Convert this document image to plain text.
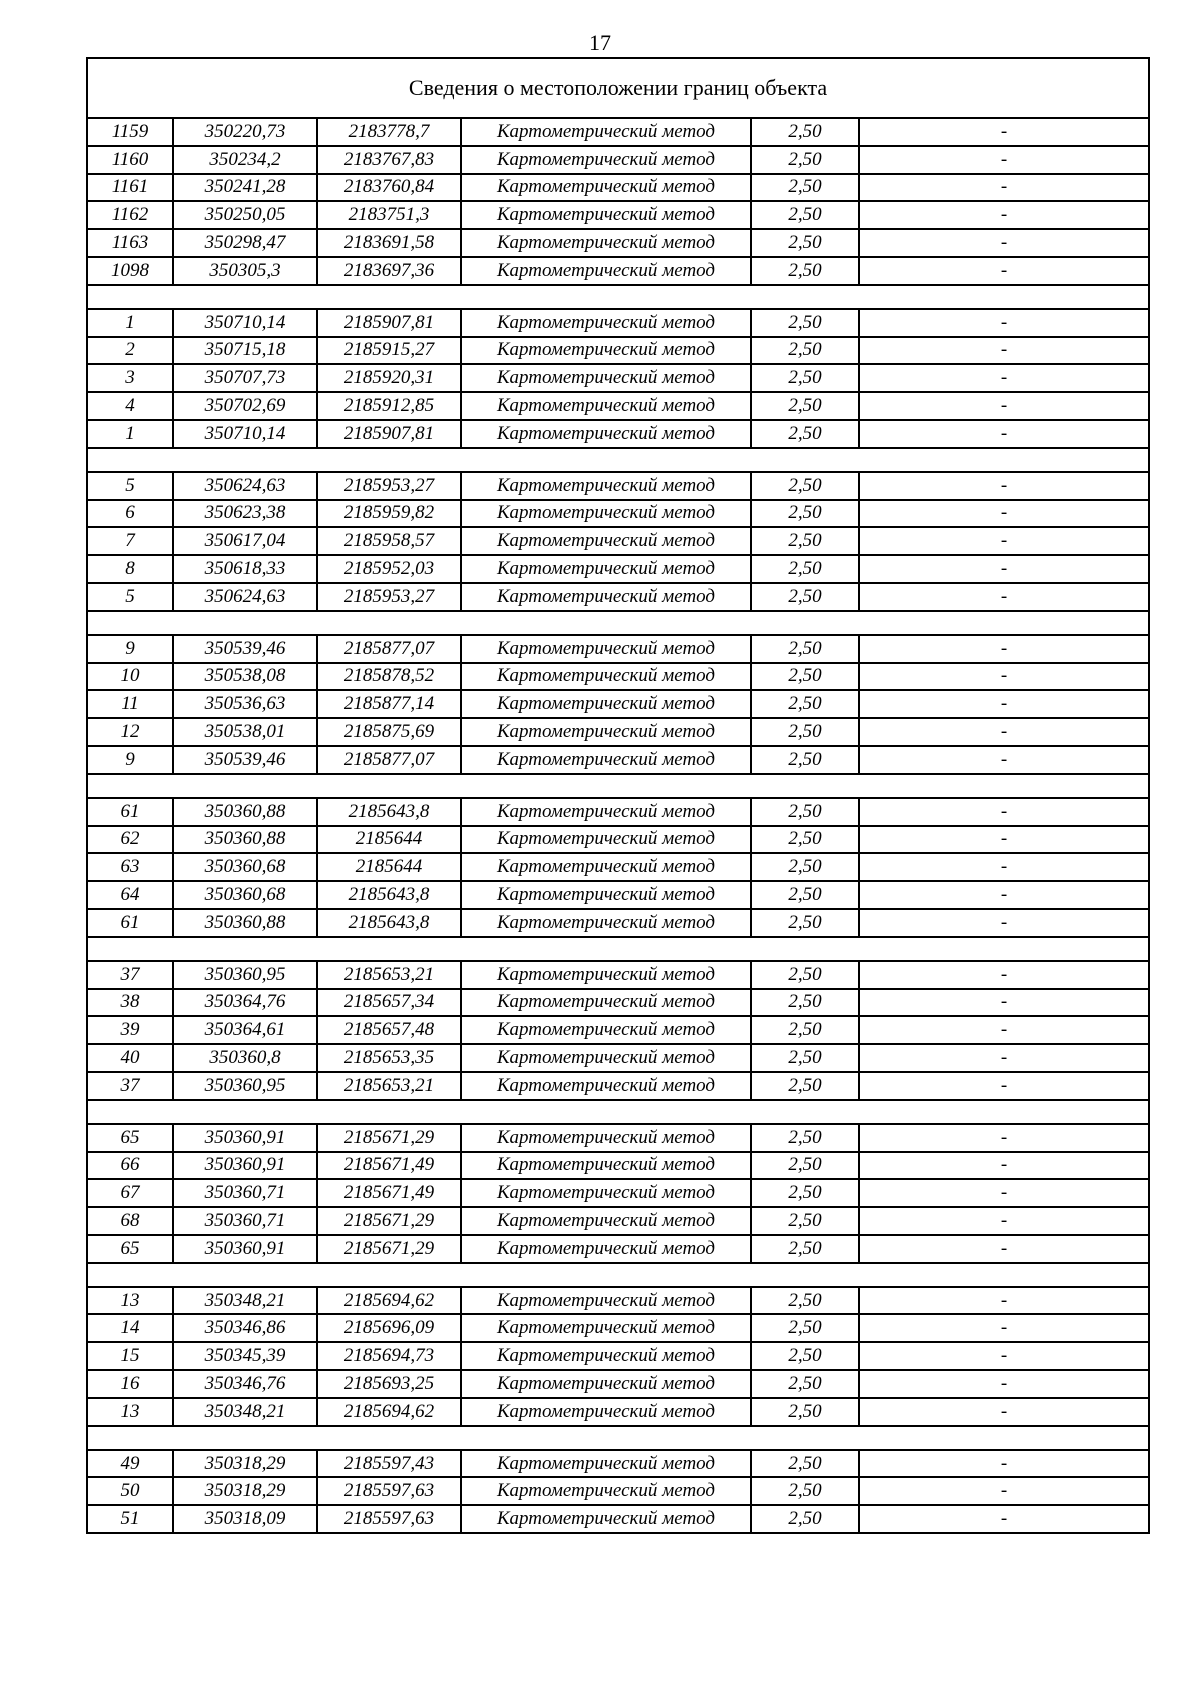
17
Сведения о местоположении границ объекта					
1159	350220,73	2183778,7	Картометрический метод	2,50	-
1160	350234,2	2183767,83	Картометрический метод	2,50	-
1161	350241,28	2183760,84	Картометрический метод	2,50	-
1162	350250,05	2183751,3	Картометрический метод	2,50	-
1163	350298,47	2183691,58	Картометрический метод	2,50	-
1098	350305,3	2183697,36	Картометрический метод	2,50	-

1	350710,14	2185907,81	Картометрический метод	2,50	-
2	350715,18	2185915,27	Картометрический метод	2,50	-
3	350707,73	2185920,31	Картометрический метод	2,50	-
4	350702,69	2185912,85	Картометрический метод	2,50	-
1	350710,14	2185907,81	Картометрический метод	2,50	-

5	350624,63	2185953,27	Картометрический метод	2,50	-
6	350623,38	2185959,82	Картометрический метод	2,50	-
7	350617,04	2185958,57	Картометрический метод	2,50	-
8	350618,33	2185952,03	Картометрический метод	2,50	-
5	350624,63	2185953,27	Картометрический метод	2,50	-

9	350539,46	2185877,07	Картометрический метод	2,50	-
10	350538,08	2185878,52	Картометрический метод	2,50	-
11	350536,63	2185877,14	Картометрический метод	2,50	-
12	350538,01	2185875,69	Картометрический метод	2,50	-
9	350539,46	2185877,07	Картометрический метод	2,50	-

61	350360,88	2185643,8	Картометрический метод	2,50	-
62	350360,88	2185644	Картометрический метод	2,50	-
63	350360,68	2185644	Картометрический метод	2,50	-
64	350360,68	2185643,8	Картометрический метод	2,50	-
61	350360,88	2185643,8	Картометрический метод	2,50	-

37	350360,95	2185653,21	Картометрический метод	2,50	-
38	350364,76	2185657,34	Картометрический метод	2,50	-
39	350364,61	2185657,48	Картометрический метод	2,50	-
40	350360,8	2185653,35	Картометрический метод	2,50	-
37	350360,95	2185653,21	Картометрический метод	2,50	-

65	350360,91	2185671,29	Картометрический метод	2,50	-
66	350360,91	2185671,49	Картометрический метод	2,50	-
67	350360,71	2185671,49	Картометрический метод	2,50	-
68	350360,71	2185671,29	Картометрический метод	2,50	-
65	350360,91	2185671,29	Картометрический метод	2,50	-

13	350348,21	2185694,62	Картометрический метод	2,50	-
14	350346,86	2185696,09	Картометрический метод	2,50	-
15	350345,39	2185694,73	Картометрический метод	2,50	-
16	350346,76	2185693,25	Картометрический метод	2,50	-
13	350348,21	2185694,62	Картометрический метод	2,50	-

49	350318,29	2185597,43	Картометрический метод	2,50	-
50	350318,29	2185597,63	Картометрический метод	2,50	-
51	350318,09	2185597,63	Картометрический метод	2,50	-
